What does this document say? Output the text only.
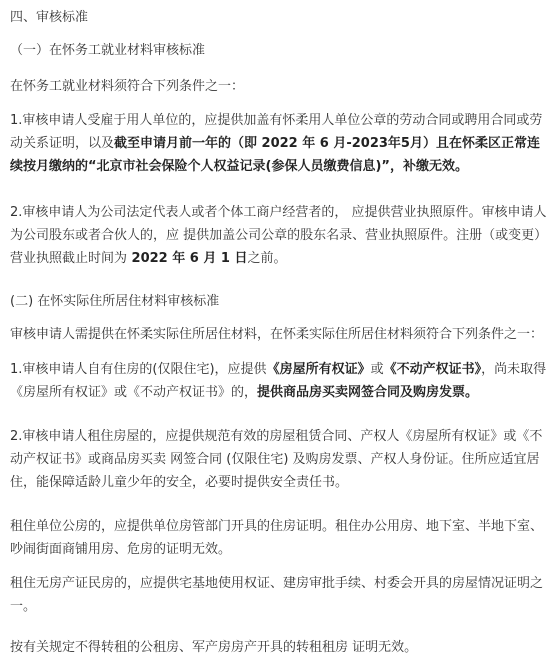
四、审核标准

（一）在怀务工就业材料审核标准

在怀务工就业材料须符合下列条件之一：

1.审核申请人受雇于用人单位的，应提供加盖有怀柔用人单位公章的劳动合同或聘用合同或劳动关系证明，以及截至申请月前一年的（即 2022 年 6 月-2023年5月）且在怀柔区正常连续按月缴纳的“北京市社会保险个人权益记录(参保人员缴费信息)”，补缴无效。

2.审核申请人为公司法定代表人或者个体工商户经营者的， 应提供营业执照原件。审核申请人为公司股东或者合伙人的，应 提供加盖公司公章的股东名录、营业执照原件。注册（或变更）营业执照截止时间为 2022 年 6 月 1 日之前。

(二) 在怀实际住所居住材料审核标准

审核申请人需提供在怀柔实际住所居住材料，在怀柔实际住所居住材料须符合下列条件之一：

1.审核申请人自有住房的(仅限住宅)，应提供《房屋所有权证》或《不动产权证书》，尚未取得《房屋所有权证》或《不动产权证书》的，提供商品房买卖网签合同及购房发票。

2.审核申请人租住房屋的，应提供规范有效的房屋租赁合同、产权人《房屋所有权证》或《不动产权证书》或商品房买卖 网签合同 (仅限住宅) 及购房发票、产权人身份证。住所应适宜居住，能保障适龄儿童少年的安全，必要时提供安全责任书。

租住单位公房的，应提供单位房管部门开具的住房证明。租住办公用房、地下室、半地下室、吵闹街面商铺用房、危房的证明无效。

租住无房产证民房的，应提供宅基地使用权证、建房审批手续、村委会开具的房屋情况证明之一。

按有关规定不得转租的公租房、军产房房产开具的转租租房 证明无效。
